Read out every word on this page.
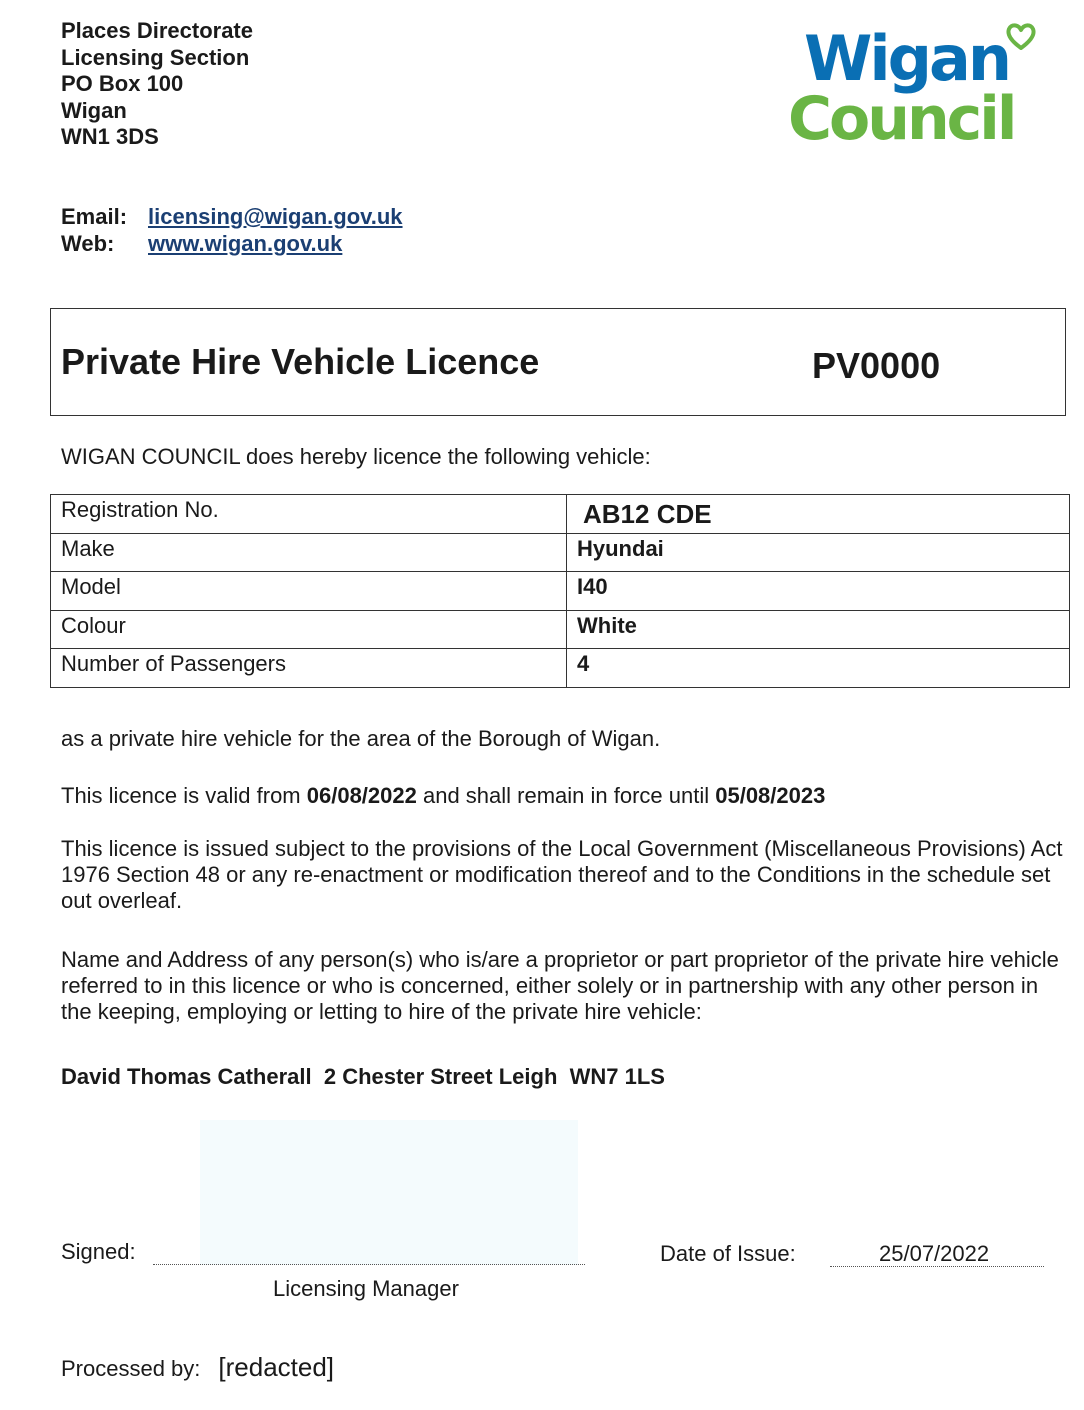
Places Directorate
Licensing Section
PO Box 100
Wigan
WN1 3DS
Wigan
Council
Email: licensing@wigan.gov.uk
Web:	www.wigan.gov.uk
Private Hire Vehicle Licence	PV0000
WIGAN COUNCIL does hereby licence the following vehicle:
Registration No.	AB12 CDE
Make	Hyundai
Model	I40
Colour	White
Number of Passengers	4
as a private hire vehicle for the area of the Borough of Wigan.
This licence is valid from 06/08/2022 and shall remain in force until 05/08/2023
This licence is issued subject to the provisions of the Local Government (Miscellaneous Provisions) Act 1976 Section 48 or any re-enactment or modification thereof and to the Conditions in the schedule set out overleaf.
Name and Address of any person(s) who is/are a proprietor or part proprietor of the private hire vehicle referred to in this licence or who is concerned, either solely or in partnership with any other person in the keeping, employing or letting to hire of the private hire vehicle:
David Thomas Catherall 2 Chester Street Leigh WN7 1LS
Signed:
Licensing Manager
Date of Issue:	25/07/2022
Processed by: [redacted]
